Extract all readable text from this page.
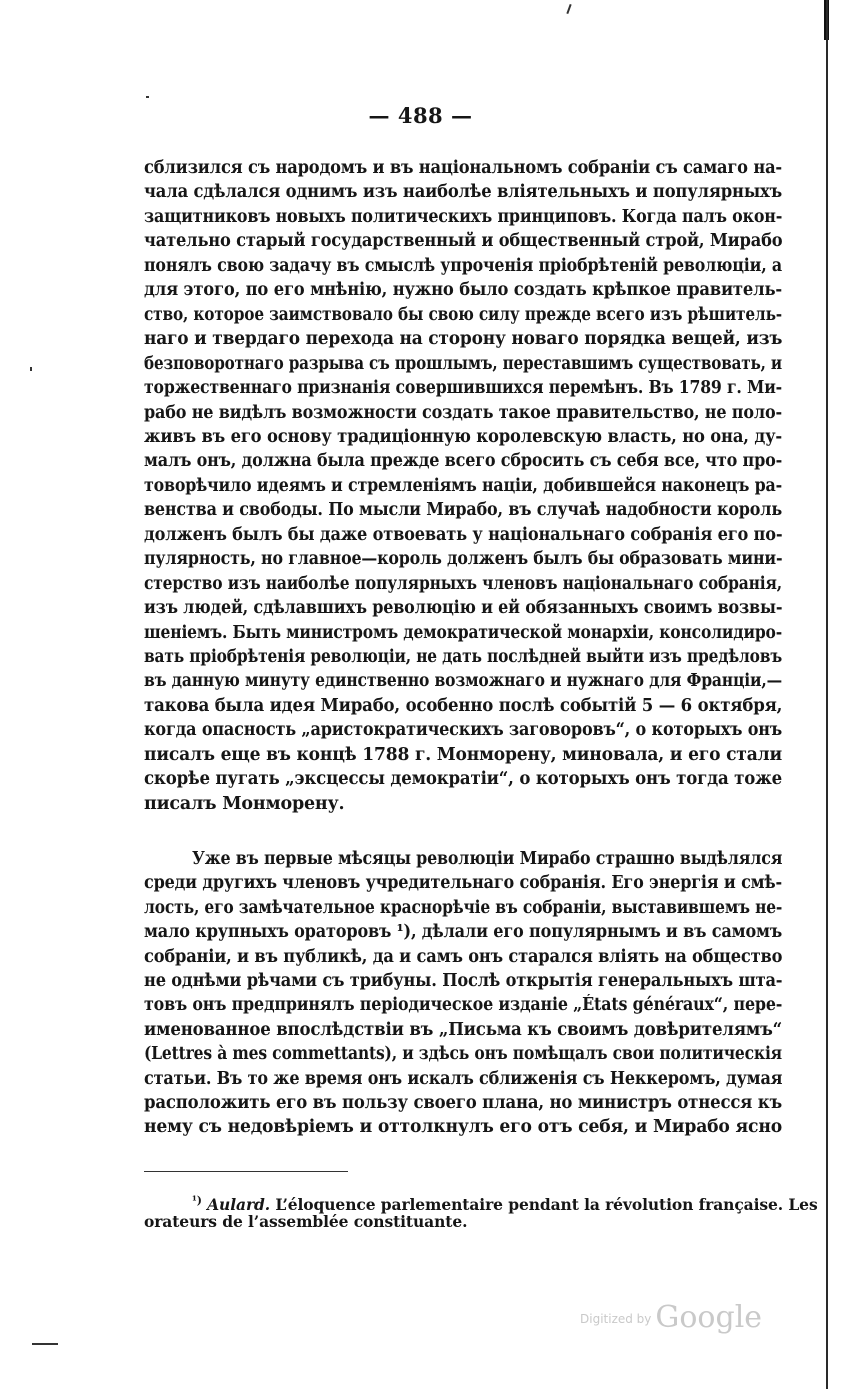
— 488 —
сблизился съ народомъ и въ національномъ собраніи съ самаго на-
чала сдѣлался однимъ изъ наиболѣе вліятельныхъ и популярныхъ
защитниковъ новыхъ политическихъ принциповъ. Когда палъ окон-
чательно старый государственный и общественный строй, Мирабо
понялъ свою задачу въ смыслѣ упроченія пріобрѣтеній революціи, а
для этого, по его мнѣнію, нужно было создать крѣпкое правитель-
ство, которое заимствовало бы свою силу прежде всего изъ рѣшитель-
наго и твердаго перехода на сторону новаго порядка вещей, изъ
безповоротнаго разрыва съ прошлымъ, переставшимъ существовать, и
торжественнаго признанія совершившихся перемѣнъ. Въ 1789 г. Ми-
рабо не видѣлъ возможности создать такое правительство, не поло-
живъ въ его основу традиціонную королевскую власть, но она, ду-
малъ онъ, должна была прежде всего сбросить съ себя все, что про-
товорѣчило идеямъ и стремленіямъ націи, добившейся наконецъ ра-
венства и свободы. По мысли Мирабо, въ случаѣ надобности король
долженъ былъ бы даже отвоевать у національнаго собранія его по-
пулярность, но главное—король долженъ былъ бы образовать мини-
стерство изъ наиболѣе популярныхъ членовъ національнаго собранія,
изъ людей, сдѣлавшихъ революцію и ей обязанныхъ своимъ возвы-
шеніемъ. Быть министромъ демократической монархіи, консолидиро-
вать пріобрѣтенія революціи, не дать послѣдней выйти изъ предѣловъ
въ данную минуту единственно возможнаго и нужнаго для Франціи,—
такова была идея Мирабо, особенно послѣ событій 5 — 6 октября,
когда опасность „аристократическихъ заговоровъ“, о которыхъ онъ
писалъ еще въ концѣ 1788 г. Монморену, миновала, и его стали
скорѣе пугать „эксцессы демократіи“, о которыхъ онъ тогда тоже
писалъ Монморену.
Уже въ первые мѣсяцы революціи Мирабо страшно выдѣлялся
среди другихъ членовъ учредительнаго собранія. Его энергія и смѣ-
лость, его замѣчательное краснорѣчіе въ собраніи, выставившемъ не-
мало крупныхъ ораторовъ ¹), дѣлали его популярнымъ и въ самомъ
собраніи, и въ публикѣ, да и самъ онъ старался вліять на общество
не однѣми рѣчами съ трибуны. Послѣ открытія генеральныхъ шта-
товъ онъ предпринялъ періодическое изданіе „États généraux“, пере-
именованное впослѣдствіи въ „Письма къ своимъ довѣрителямъ“
(Lettres à mes commettants), и здѣсь онъ помѣщалъ свои политическія
статьи. Въ то же время онъ искалъ сближенія съ Неккеромъ, думая
расположить его въ пользу своего плана, но министръ отнесся къ
нему съ недовѣріемъ и оттолкнулъ его отъ себя, и Мирабо ясно
$^{^1)}$ Aulard. L’éloquence parlementaire pendant la révolution française. Les
orateurs de l’assemblée constituante.
$^{Digitized by}$ Google
